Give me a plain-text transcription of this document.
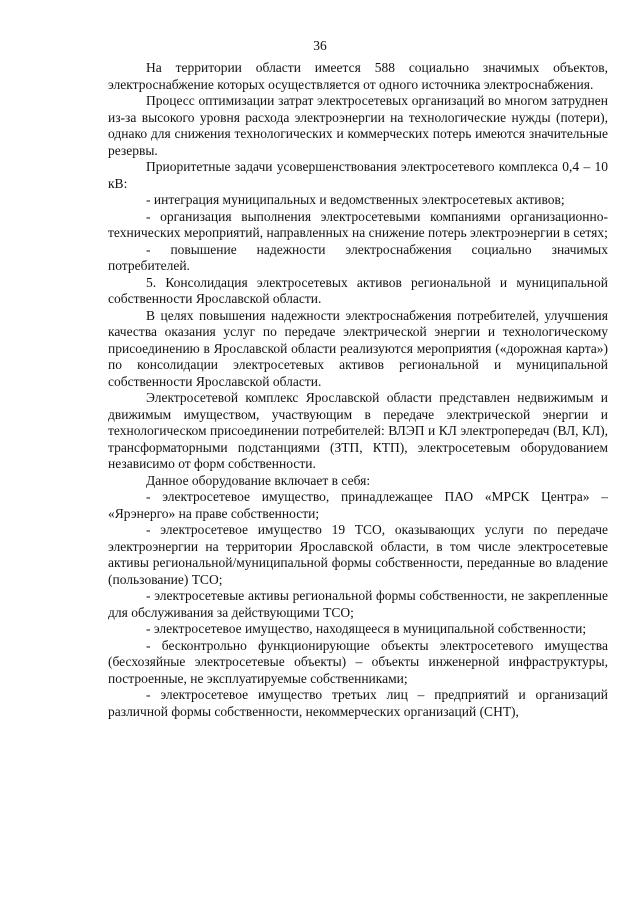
36

На территории области имеется 588 социально значимых объектов, электроснабжение которых осуществляется от одного источника электроснабжения.

Процесс оптимизации затрат электросетевых организаций во многом затруднен из-за высокого уровня расхода электроэнергии на технологические нужды (потери), однако для снижения технологических и коммерческих потерь имеются значительные резервы.

Приоритетные задачи усовершенствования электросетевого комплекса 0,4 – 10 кВ:

- интеграция муниципальных и ведомственных электросетевых активов;

- организация выполнения электросетевыми компаниями организационно-технических мероприятий, направленных на снижение потерь электроэнергии в сетях;

- повышение надежности электроснабжения социально значимых потребителей.

5. Консолидация электросетевых активов региональной и муниципальной собственности Ярославской области.

В целях повышения надежности электроснабжения потребителей, улучшения качества оказания услуг по передаче электрической энергии и технологическому присоединению в Ярославской области реализуются мероприятия («дорожная карта») по консолидации электросетевых активов региональной и муниципальной собственности Ярославской области.

Электросетевой комплекс Ярославской области представлен недвижимым и движимым имуществом, участвующим в передаче электрической энергии и технологическом присоединении потребителей: ВЛЭП и КЛ электропередач (ВЛ, КЛ), трансформаторными подстанциями (ЗТП, КТП), электросетевым оборудованием независимо от форм собственности.

Данное оборудование включает в себя:

- электросетевое имущество, принадлежащее ПАО «МРСК Центра» – «Ярэнерго» на праве собственности;

- электросетевое имущество 19 ТСО, оказывающих услуги по передаче электроэнергии на территории Ярославской области, в том числе электросетевые активы региональной/муниципальной формы собственности, переданные во владение (пользование) ТСО;

- электросетевые активы региональной формы собственности, не закрепленные для обслуживания за действующими ТСО;

- электросетевое имущество, находящееся в муниципальной собственности;

- бесконтрольно функционирующие объекты электросетевого имущества (бесхозяйные электросетевые объекты) – объекты инженерной инфраструктуры, построенные, не эксплуатируемые собственниками;

- электросетевое имущество третьих лиц – предприятий и организаций различной формы собственности, некоммерческих организаций (СНТ),
